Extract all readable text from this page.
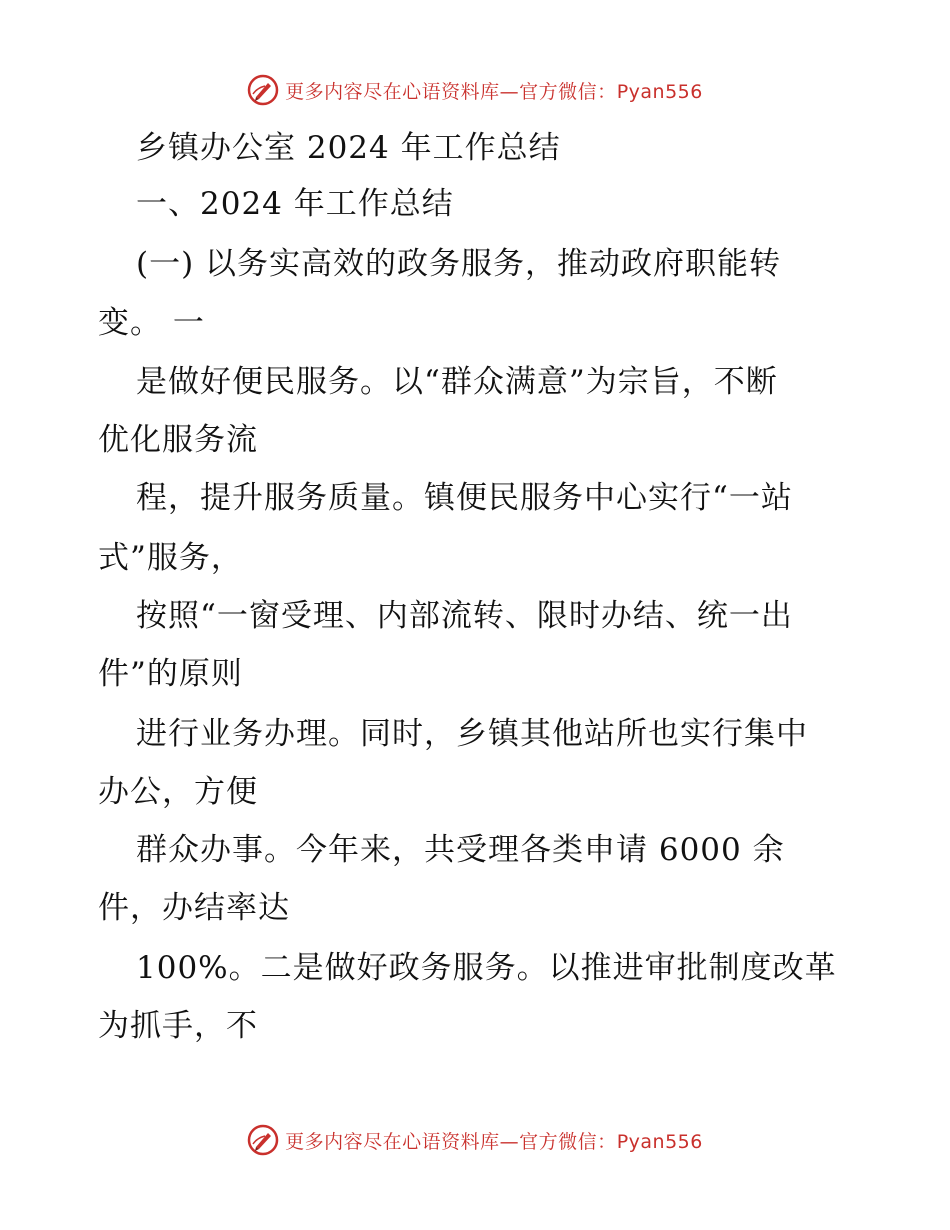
更多内容尽在心语资料库—官方微信：Pyan556
乡镇办公室 2024 年工作总结
一、2024 年工作总结
(一) 以务实高效的政务服务，推动政府职能转
变。 一
是做好便民服务。以“群众满意”为宗旨，不断
优化服务流
程，提升服务质量。镇便民服务中心实行“一站
式”服务，
按照“一窗受理、内部流转、限时办结、统一出
件”的原则
进行业务办理。同时，乡镇其他站所也实行集中
办公，方便
群众办事。今年来，共受理各类申请 6000 余
件，办结率达
100%。二是做好政务服务。以推进审批制度改革
为抓手，不
更多内容尽在心语资料库—官方微信：Pyan556
